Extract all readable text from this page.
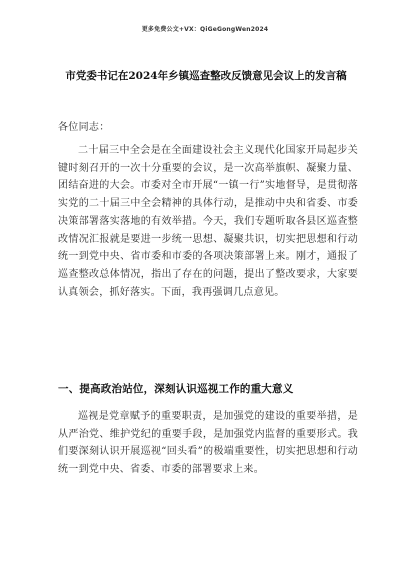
更多免费公文+VX：QiGeGongWen2024
市党委书记在2024年乡镇巡查整改反馈意见会议上的发言稿
各位同志：
二十届三中全会是在全面建设社会主义现代化国家开局起步关键时刻召开的一次十分重要的会议，是一次高举旗帜、凝聚力量、团结奋进的大会。市委对全市开展“一镇一行”实地督导，是贯彻落实党的二十届三中全会精神的具体行动，是推动中央和省委、市委决策部署落实落地的有效举措。今天，我们专题听取各县区巡查整改情况汇报就是要进一步统一思想、凝聚共识，切实把思想和行动统一到党中央、省市委和市委的各项决策部署上来。刚才，通报了巡查整改总体情况，指出了存在的问题，提出了整改要求，大家要认真领会，抓好落实。下面，我再强调几点意见。
一、提高政治站位，深刻认识巡视工作的重大意义
巡视是党章赋予的重要职责，是加强党的建设的重要举措，是从严治党、维护党纪的重要手段，是加强党内监督的重要形式。我们要深刻认识开展巡视“回头看”的极端重要性，切实把思想和行动统一到党中央、省委、市委的部署要求上来。
